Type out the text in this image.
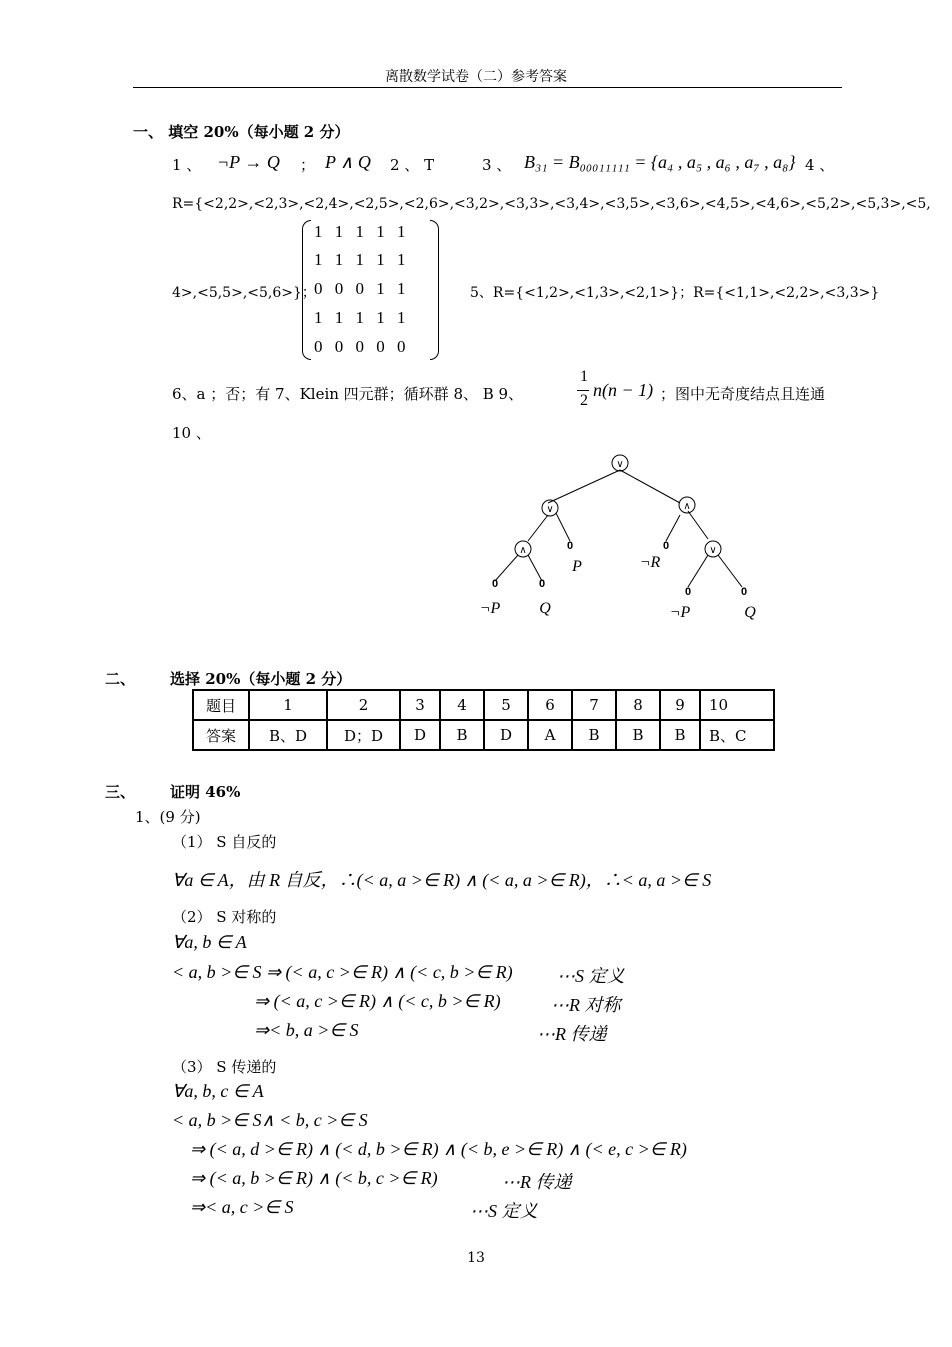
离散数学试卷（二）参考答案
一、 填空 20%（每小题 2 分）
1 、 ¬P → Q ； P ∧ Q 2 、 T	3 、 B₃₁ = B₀₀₀₁₁₁₁₁ = {a₄ , a₅ , a₆ , a₇ , a₈} 4 、
R={<2,2>,<2,3>,<2,4>,<2,5>,<2,6>,<3,2>,<3,3>,<3,4>,<3,5>,<3,6>,<4,5>,<4,6>,<5,2>,<5,3>,<5,
4>,<5,5>,<5,6>}；
1 1 1 1 1
1 1 1 1 1
0 0 0 1 1
1 1 1 1 1
0 0 0 0 0
5、R={<1,2>,<1,3>,<2,1>}；R={<1,1>,<2,2>,<3,3>}
6、a ；否；有 7、Klein 四元群；循环群 8、 B 9、
1
2
n(n − 1) ；图中无奇度结点且连通
10 、
∨
∨	∧
∧	∨
0	0
0	0
0	0
P	¬R
¬P Q	¬P	Q
二、 选择 20%（每小题 2 分）
题目	1	2	3	4	5	6	7	8	9	10
答案	B、D	D；D	D	B	D	A	B	B	B	B、C
三、 证明 46%
1、(9 分)
（1） S 自反的
∀a ∈ A，由 R 自反，∴(< a, a >∈ R) ∧ (< a, a >∈ R)，∴< a, a >∈ S
（2） S 对称的
∀a, b ∈ A
< a, b >∈ S ⇒ (< a, c >∈ R) ∧ (< c, b >∈ R) ⋯S 定义
⇒ (< a, c >∈ R) ∧ (< c, b >∈ R)	⋯R 对称
⇒< b, a >∈ S	⋯R 传递
（3） S 传递的
∀a, b, c ∈ A
< a, b >∈ S∧ < b, c >∈ S
⇒ (< a, d >∈ R) ∧ (< d, b >∈ R) ∧ (< b, e >∈ R) ∧ (< e, c >∈ R)
⇒ (< a, b >∈ R) ∧ (< b, c >∈ R)	⋯R 传递
⇒< a, c >∈ S	⋯S 定义
13
